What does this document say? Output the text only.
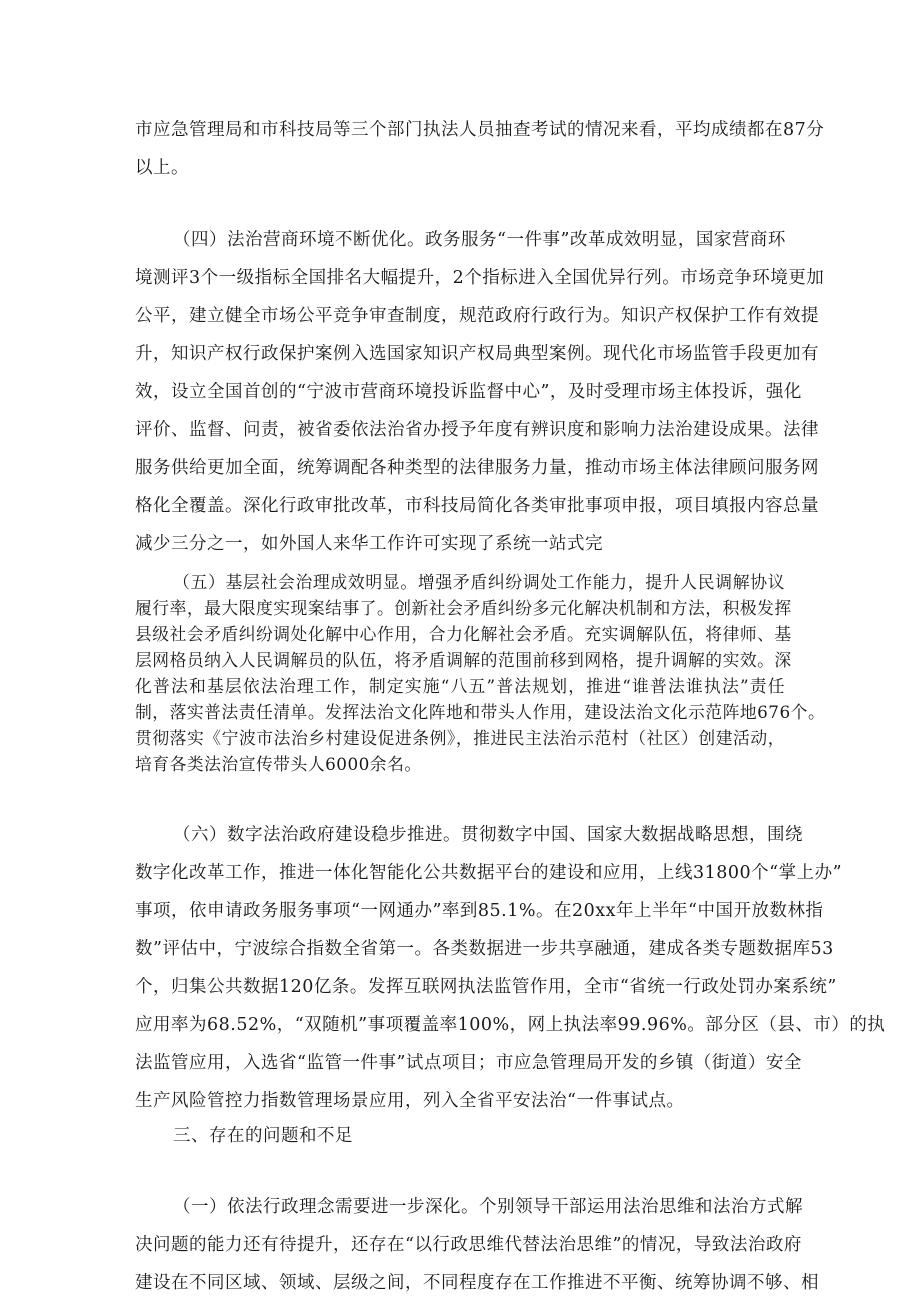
市应急管理局和市科技局等三个部门执法人员抽查考试的情况来看，平均成绩都在87分
以上。
（四）法治营商环境不断优化。政务服务“一件事”改革成效明显，国家营商环
境测评3个一级指标全国排名大幅提升，2个指标进入全国优异行列。市场竞争环境更加
公平，建立健全市场公平竞争审查制度，规范政府行政行为。知识产权保护工作有效提
升，知识产权行政保护案例入选国家知识产权局典型案例。现代化市场监管手段更加有
效，设立全国首创的“宁波市营商环境投诉监督中心”，及时受理市场主体投诉，强化
评价、监督、问责，被省委依法治省办授予年度有辨识度和影响力法治建设成果。法律
服务供给更加全面，统筹调配各种类型的法律服务力量，推动市场主体法律顾问服务网
格化全覆盖。深化行政审批改革，市科技局简化各类审批事项申报，项目填报内容总量
减少三分之一，如外国人来华工作许可实现了系统一站式完
（五）基层社会治理成效明显。增强矛盾纠纷调处工作能力，提升人民调解协议
履行率，最大限度实现案结事了。创新社会矛盾纠纷多元化解决机制和方法，积极发挥
县级社会矛盾纠纷调处化解中心作用，合力化解社会矛盾。充实调解队伍，将律师、基
层网格员纳入人民调解员的队伍，将矛盾调解的范围前移到网格，提升调解的实效。深
化普法和基层依法治理工作，制定实施“八五”普法规划，推进“谁普法谁执法”责任
制，落实普法责任清单。发挥法治文化阵地和带头人作用，建设法治文化示范阵地676个。
贯彻落实《宁波市法治乡村建设促进条例》，推进民主法治示范村（社区）创建活动，
培育各类法治宣传带头人6000余名。
（六）数字法治政府建设稳步推进。贯彻数字中国、国家大数据战略思想，围绕
数字化改革工作，推进一体化智能化公共数据平台的建设和应用，上线31800个“掌上办”
事项，依申请政务服务事项“一网通办”率到85.1%。在20xx年上半年“中国开放数林指
数”评估中，宁波综合指数全省第一。各类数据进一步共享融通，建成各类专题数据库53
个，归集公共数据120亿条。发挥互联网执法监管作用，全市“省统一行政处罚办案系统”
应用率为68.52%，“双随机”事项覆盖率100%，网上执法率99.96%。部分区（县、市）的执
法监管应用，入选省“监管一件事”试点项目；市应急管理局开发的乡镇（街道）安全
生产风险管控力指数管理场景应用，列入全省平安法治“一件事试点。
三、存在的问题和不足
（一）依法行政理念需要进一步深化。个别领导干部运用法治思维和法治方式解
决问题的能力还有待提升，还存在“以行政思维代替法治思维”的情况，导致法治政府
建设在不同区域、领域、层级之间，不同程度存在工作推进不平衡、统筹协调不够、相
